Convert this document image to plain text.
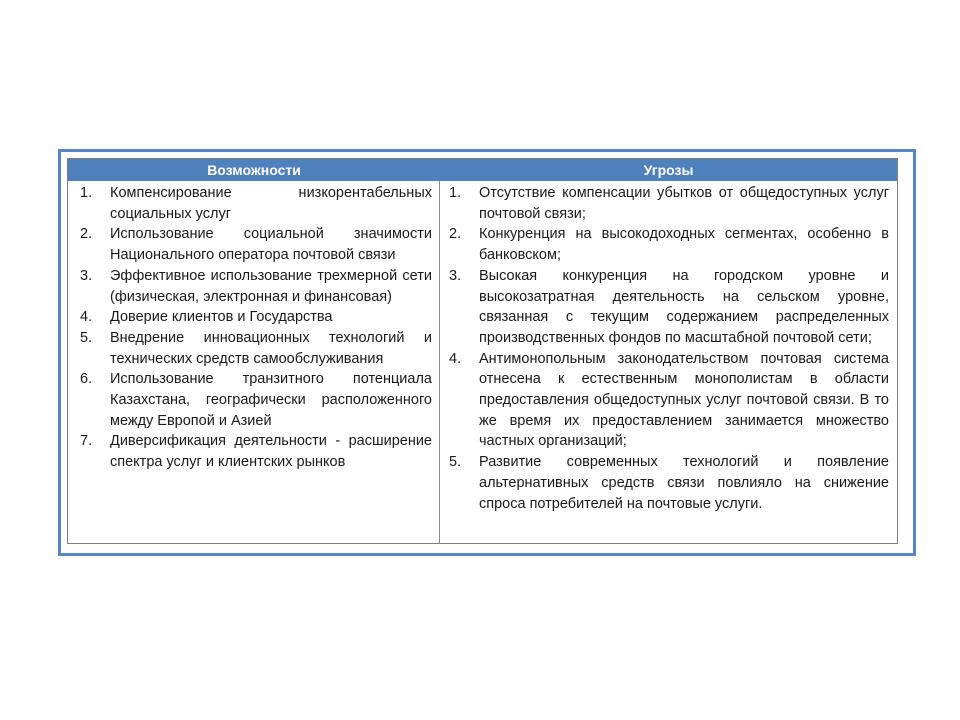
Возможности	Угрозы
1. Компенсирование низкорентабельных социальных услуг
2. Использование социальной значимости Национального оператора почтовой связи
3. Эффективное использование трехмерной сети (физическая, электронная и финансовая)
4. Доверие клиентов и Государства
5. Внедрение инновационных технологий и технических средств самообслуживания
6. Использование транзитного потенциала Казахстана, географически расположенного между Европой и Азией
7. Диверсификация деятельности - расширение спектра услуг и клиентских рынков
1. Отсутствие компенсации убытков от общедоступных услуг почтовой связи;
2. Конкуренция на высокодоходных сегментах, особенно в банковском;
3. Высокая конкуренция на городском уровне и высокозатратная деятельность на сельском уровне, связанная с текущим содержанием распределенных производственных фондов по масштабной почтовой сети;
4. Антимонопольным законодательством почтовая система отнесена к естественным монополистам в области предоставления общедоступных услуг почтовой связи. В то же время их предоставлением занимается множество частных организаций;
5. Развитие современных технологий и появление альтернативных средств связи повлияло на снижение спроса потребителей на почтовые услуги.
